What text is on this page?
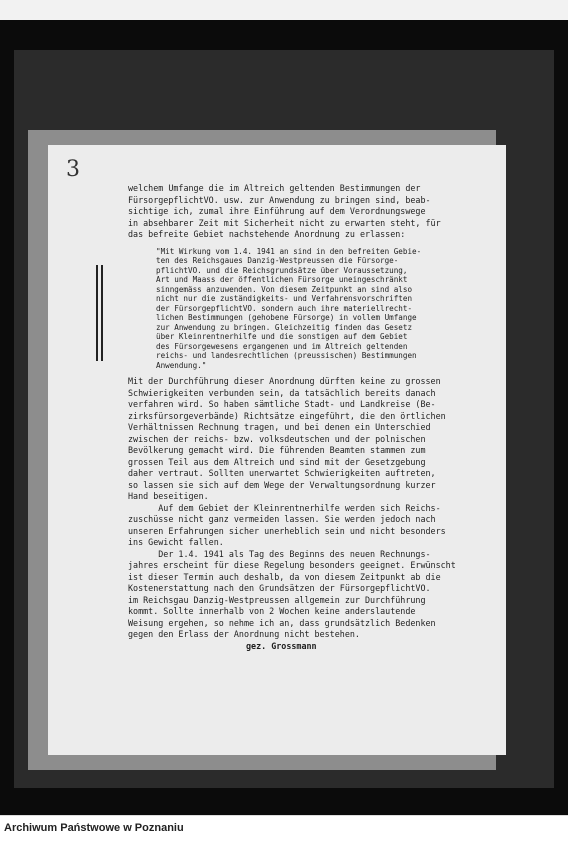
3
welchem Umfange die im Altreich geltenden Bestimmungen der
FürsorgepflichtVO. usw. zur Anwendung zu bringen sind, beab-
sichtige ich, zumal ihre Einführung auf dem Verordnungswege
in absehbarer Zeit mit Sicherheit nicht zu erwarten steht, für
das befreite Gebiet nachstehende Anordnung zu erlassen:
"Mit Wirkung vom 1.4. 1941 an sind in den befreiten Gebie-
ten des Reichsgaues Danzig-Westpreussen die Fürsorge-
pflichtVO. und die Reichsgrundsätze über Voraussetzung,
Art und Maass der öffentlichen Fürsorge uneingeschränkt
sinngemäss anzuwenden. Von diesem Zeitpunkt an sind also
nicht nur die zuständigkeits- und Verfahrensvorschriften
der FürsorgepflichtVO. sondern auch ihre materiellrecht-
lichen Bestimmungen (gehobene Fürsorge) in vollem Umfange
zur Anwendung zu bringen. Gleichzeitig finden das Gesetz
über Kleinrentnerhilfe und die sonstigen auf dem Gebiet
des Fürsorgewesens ergangenen und im Altreich geltenden
reichs- und landesrechtlichen (preussischen) Bestimmungen
Anwendung."
Mit der Durchführung dieser Anordnung dürften keine zu grossen
Schwierigkeiten verbunden sein, da tatsächlich bereits danach
verfahren wird. So haben sämtliche Stadt- und Landkreise (Be-
zirksfürsorgeverbände) Richtsätze eingeführt, die den örtlichen
Verhältnissen Rechnung tragen, und bei denen ein Unterschied
zwischen der reichs- bzw. volksdeutschen und der polnischen
Bevölkerung gemacht wird. Die führenden Beamten stammen zum
grossen Teil aus dem Altreich und sind mit der Gesetzgebung
daher vertraut. Sollten unerwartet Schwierigkeiten auftreten,
so lassen sie sich auf dem Wege der Verwaltungsordnung kurzer
Hand beseitigen.
Auf dem Gebiet der Kleinrentnerhilfe werden sich Reichs-
zuschüsse nicht ganz vermeiden lassen. Sie werden jedoch nach
unseren Erfahrungen sicher unerheblich sein und nicht besonders
ins Gewicht fallen.
Der 1.4. 1941 als Tag des Beginns des neuen Rechnungs-
jahres erscheint für diese Regelung besonders geeignet. Erwünscht
ist dieser Termin auch deshalb, da von diesem Zeitpunkt ab die
Kostenerstattung nach den Grundsätzen der FürsorgepflichtVO.
im Reichsgau Danzig-Westpreussen allgemein zur Durchführung
kommt. Sollte innerhalb von 2 Wochen keine anderslautende
Weisung ergehen, so nehme ich an, dass grundsätzlich Bedenken
gegen den Erlass der Anordnung nicht bestehen.
gez. Grossmann
Archiwum Państwowe w Poznaniu
